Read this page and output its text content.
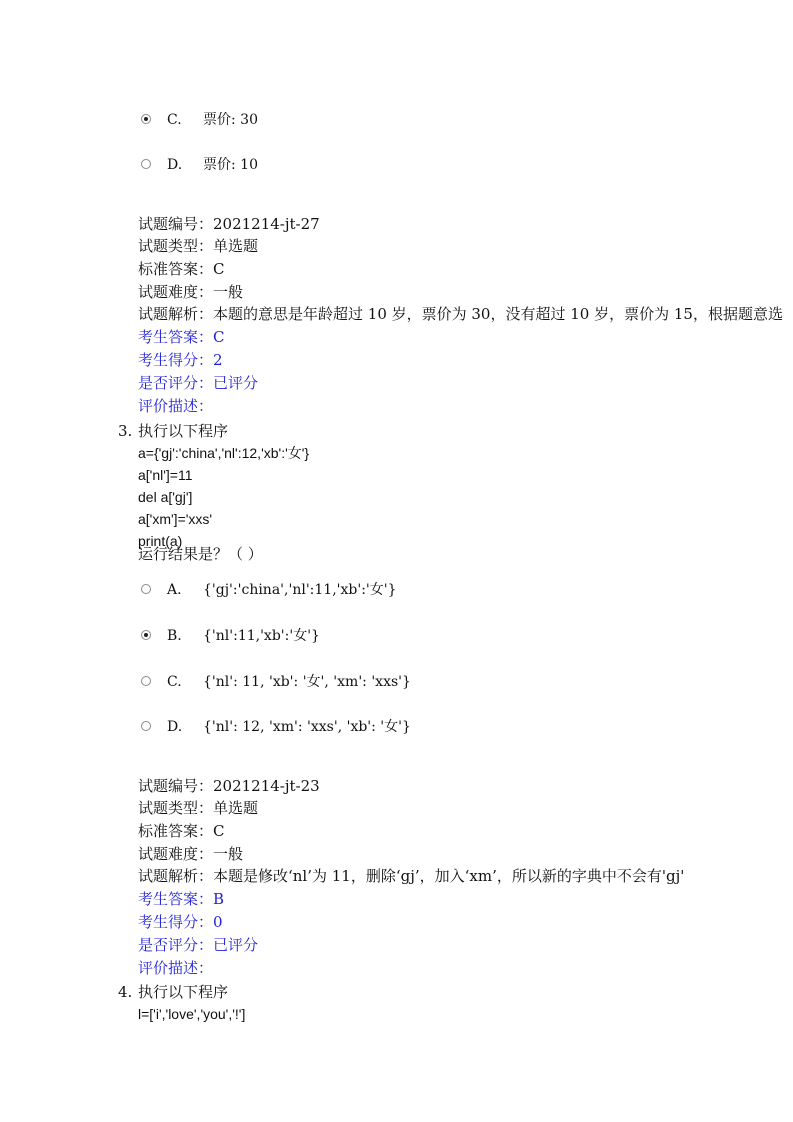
C. 票价: 30
D. 票价: 10
试题编号：2021214-jt-27
试题类型：单选题
标准答案：C
试题难度：一般
试题解析：本题的意思是年龄超过 10 岁，票价为 30，没有超过 10 岁，票价为 15，根据题意选
考生答案：C
考生得分：2
是否评分：已评分
评价描述：
3. 执行以下程序
a={'gj':'china','nl':12,'xb':'女'}
a['nl']=11
del a['gj']
a['xm']='xxs'
print(a)
运行结果是？（ ）
A. {'gj':'china','nl':11,'xb':'女'}
B. {'nl':11,'xb':'女'}
C. {'nl': 11, 'xb': '女', 'xm': 'xxs'}
D. {'nl': 12, 'xm': 'xxs', 'xb': '女'}
试题编号：2021214-jt-23
试题类型：单选题
标准答案：C
试题难度：一般
试题解析：本题是修改‘nl’为 11，删除‘gj’，加入‘xm’，所以新的字典中不会有'gj'
考生答案：B
考生得分：0
是否评分：已评分
评价描述：
4. 执行以下程序
l=['i','love','you','!']
